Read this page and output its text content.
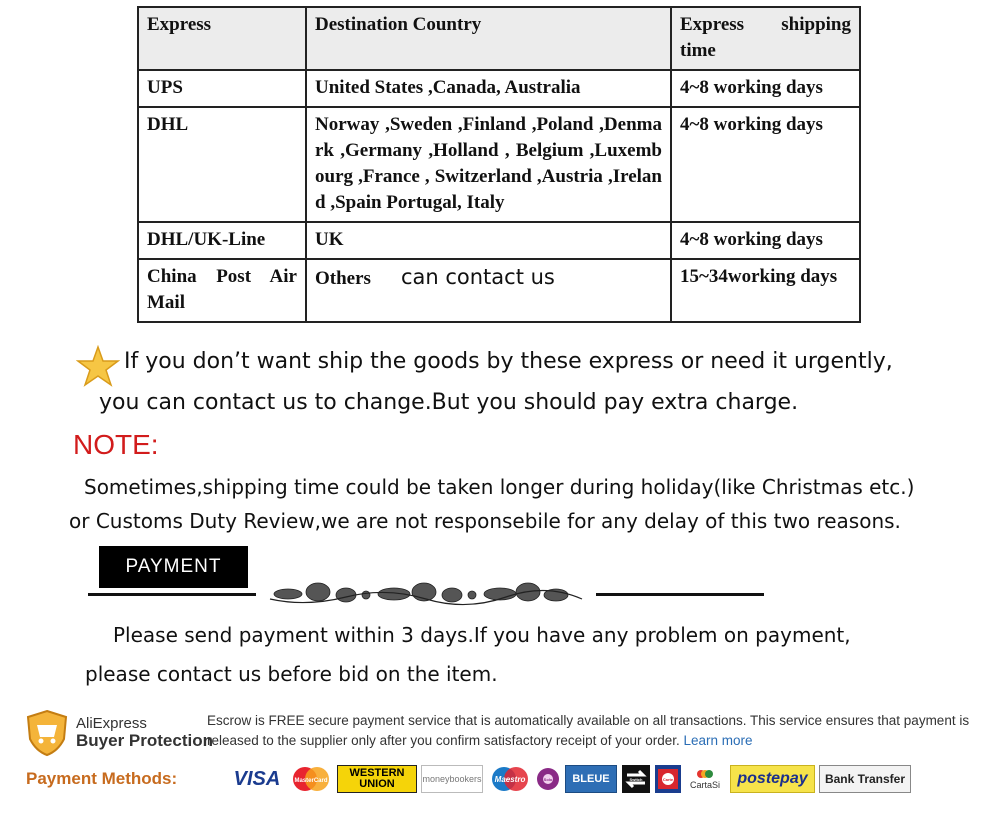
Express	Destination Country	Express shipping time
UPS	United States ,Canada, Australia	4~8 working days
DHL	Norway ,Sweden ,Finland ,Poland ,Denmark ,Germany ,Holland , Belgium ,Luxembourg ,France , Switzerland ,Austria ,Ireland ,Spain Portugal, Italy	4~8 working days
DHL/UK-Line	UK	4~8 working days
China Post Air Mail	Others can contact us	15~34working days
If you don’t want ship the goods by these express or need it urgently,
you can contact us to change.But you should pay extra charge.
NOTE:
Sometimes,shipping time could be taken longer during holiday(like Christmas etc.)
or Customs Duty Review,we are not responsebile for any delay of this two reasons.
PAYMENT
Please send payment within 3 days.If you have any problem on payment,
please contact us before bid on the item.
AliExpress
Buyer Protection
Escrow is FREE secure payment service that is automatically available on all transactions. This service ensures that payment is released to the supplier only after you confirm satisfactory receipt of your order. Learn more
Payment Methods:	VISA	MasterCard
WESTERN UNION	moneybookers Maestro	Solo	BLEUE	Switch	Carte
CartaSi	postepay	Bank Transfer
